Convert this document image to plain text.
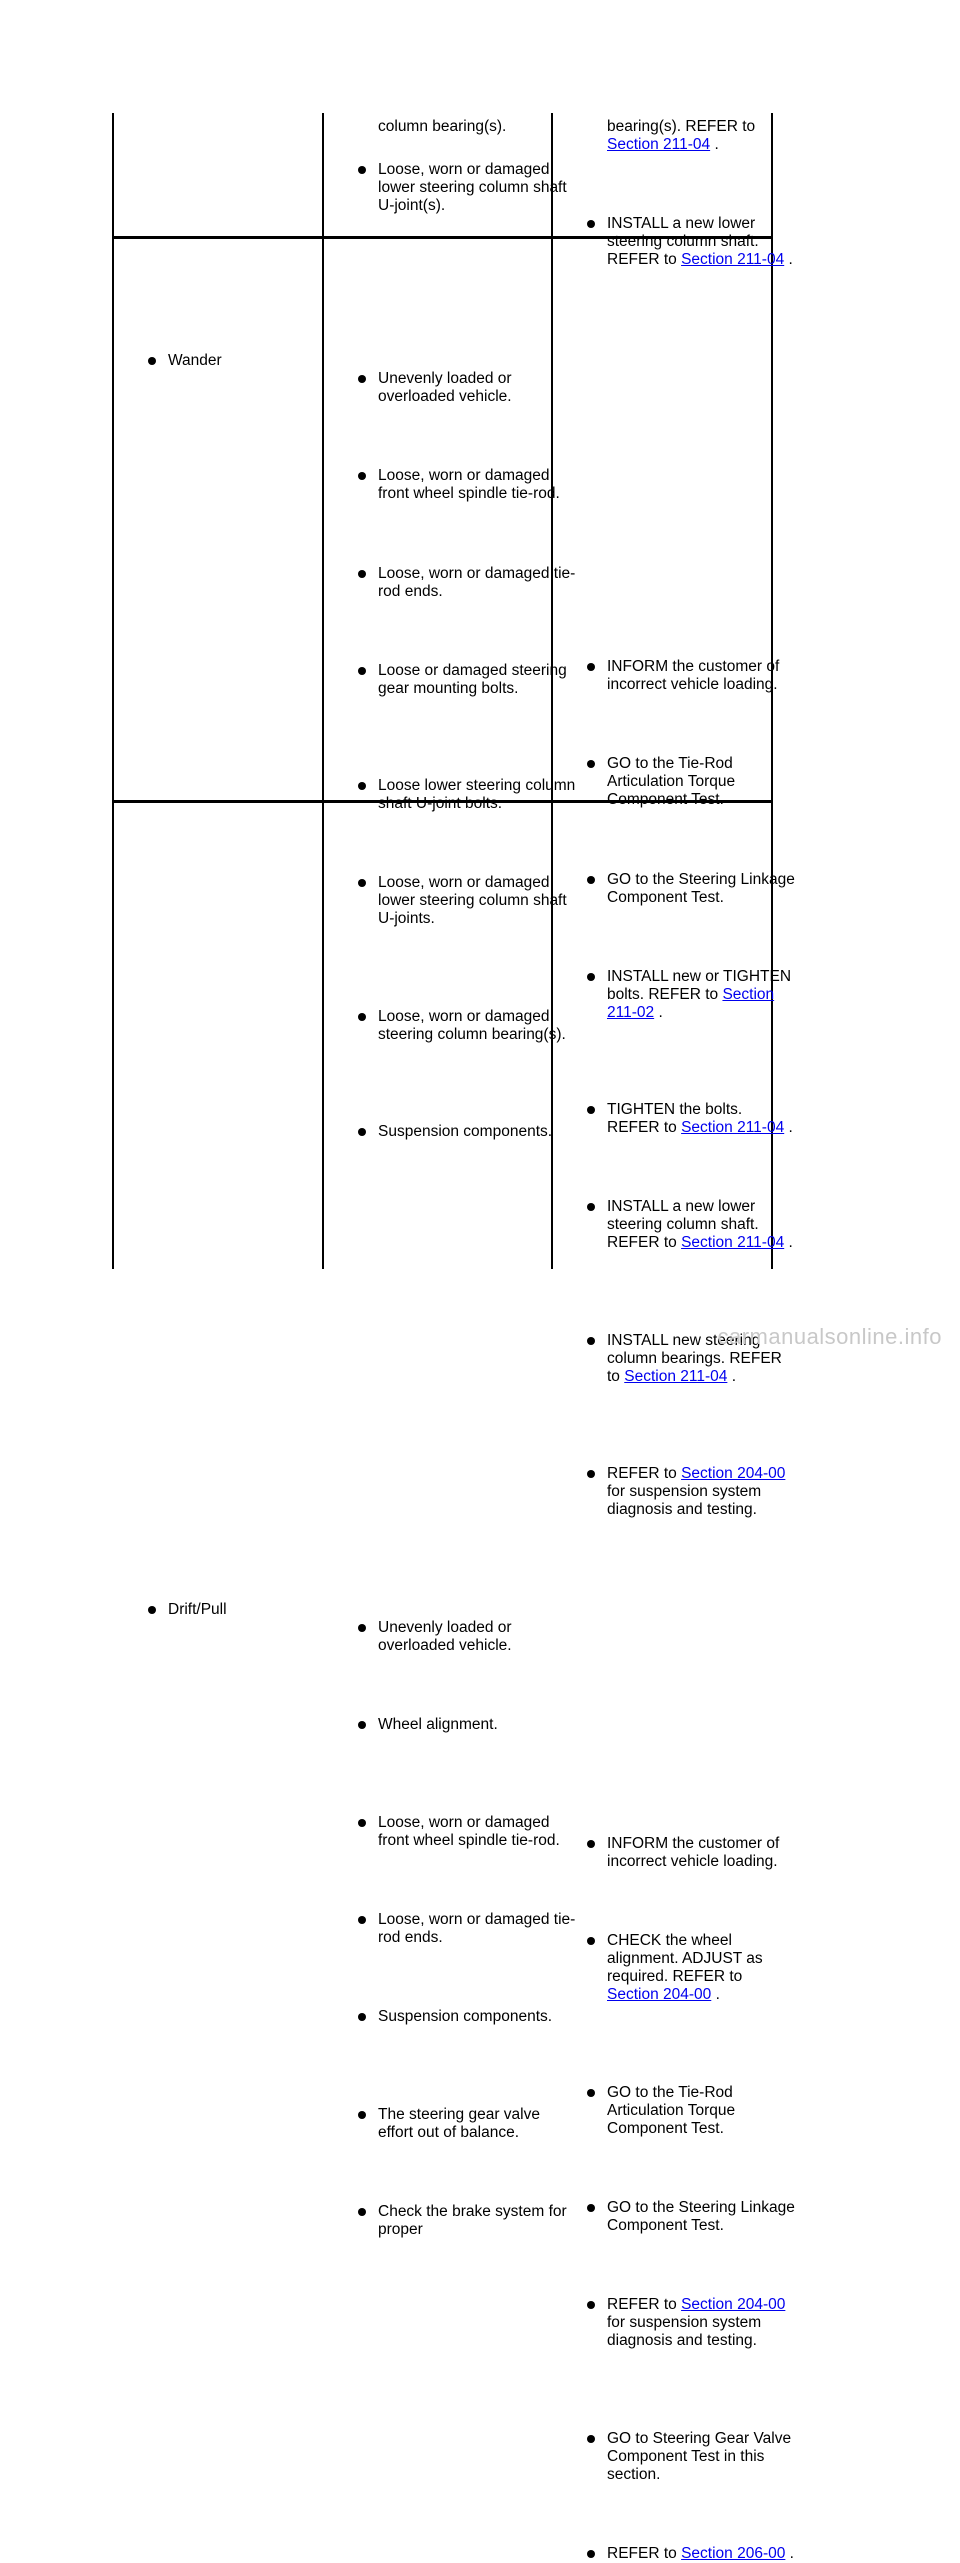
column bearing(s).
Loose, worn or damaged lower steering column shaft U-joint(s).
bearing(s). REFER to
Section 211-04 .
INSTALL a new lower steering column shaft. REFER to Section 211-04 .
Wander
Unevenly loaded or overloaded vehicle.
Loose, worn or damaged front wheel spindle tie-rod.
Loose, worn or damaged tie-rod ends.
Loose or damaged steering gear mounting bolts.
Loose lower steering column shaft U-joint bolts.
Loose, worn or damaged lower steering column shaft U-joints.
Loose, worn or damaged steering column bearing(s).
Suspension components.
INFORM the customer of incorrect vehicle loading.
GO to the Tie-Rod Articulation Torque Component Test.
GO to the Steering Linkage Component Test.
INSTALL new or TIGHTEN bolts. REFER to Section 211-02 .
TIGHTEN the bolts. REFER to Section 211-04 .
INSTALL a new lower steering column shaft. REFER to Section 211-04 .
INSTALL new steering column bearings. REFER to Section 211-04 .
REFER to Section 204-00 for suspension system diagnosis and testing.
Drift/Pull
Unevenly loaded or overloaded vehicle.
Wheel alignment.
Loose, worn or damaged front wheel spindle tie-rod.
Loose, worn or damaged tie-rod ends.
Suspension components.
The steering gear valve effort out of balance.
Check the brake system for proper
INFORM the customer of incorrect vehicle loading.
CHECK the wheel alignment. ADJUST as required. REFER to Section 204-00 .
GO to the Tie-Rod Articulation Torque Component Test.
GO to the Steering Linkage Component Test.
REFER to Section 204-00 for suspension system diagnosis and testing.
GO to Steering Gear Valve Component Test in this section.
REFER to Section 206-00 .
carmanualsonline.info
